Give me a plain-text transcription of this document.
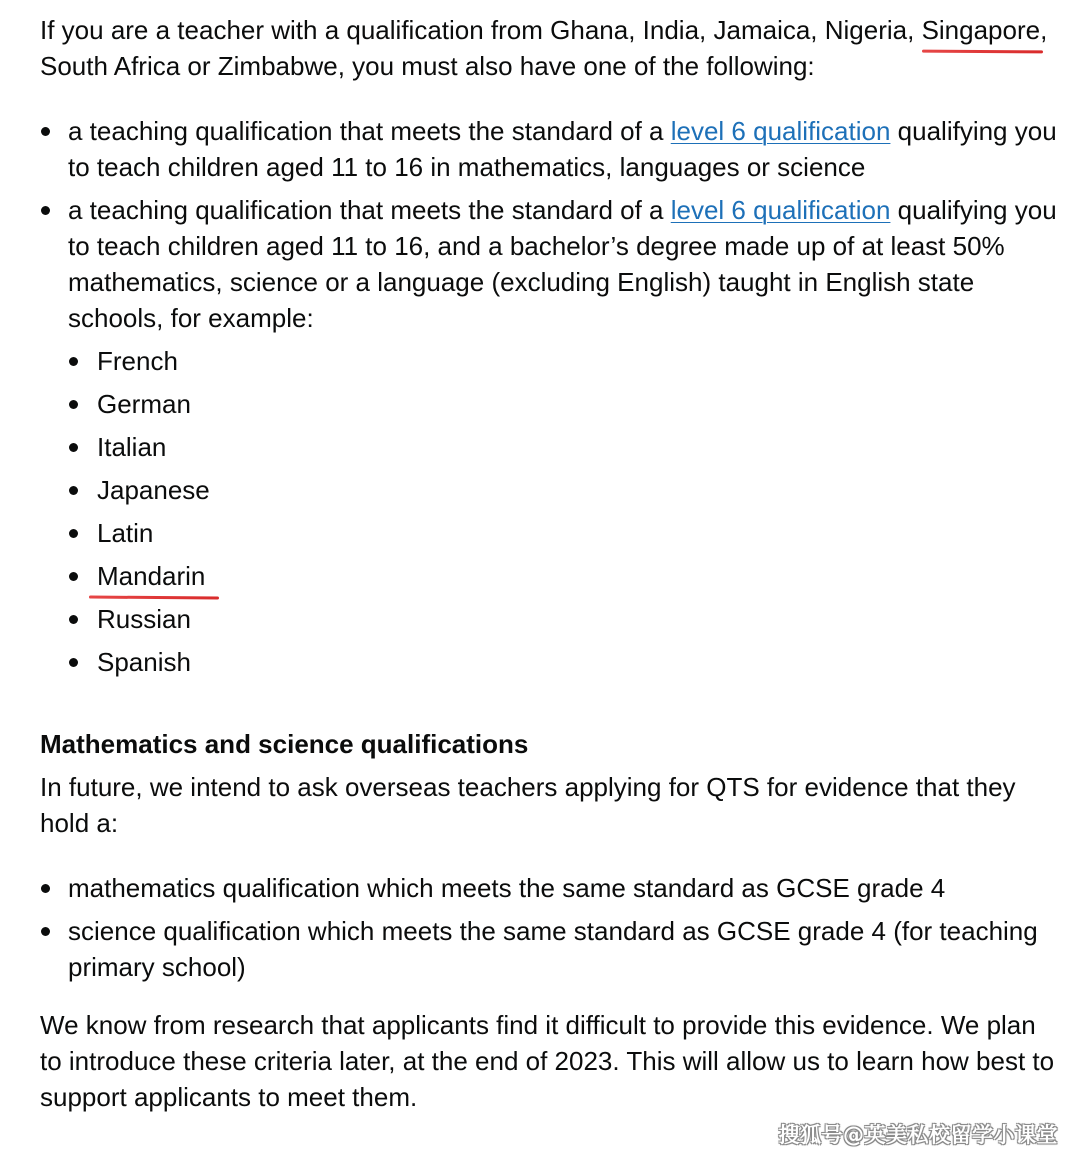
If you are a teacher with a qualification from Ghana, India, Jamaica, Nigeria, Singapore, South Africa or Zimbabwe, you must also have one of the following:

a teaching qualification that meets the standard of a level 6 qualification qualifying you to teach children aged 11 to 16 in mathematics, languages or science
a teaching qualification that meets the standard of a level 6 qualification qualifying you to teach children aged 11 to 16, and a bachelor’s degree made up of at least 50% mathematics, science or a language (excluding English) taught in English state schools, for example:
French
German
Italian
Japanese
Latin
Mandarin
Russian
Spanish
Mathematics and science qualifications

In future, we intend to ask overseas teachers applying for QTS for evidence that they hold a:

mathematics qualification which meets the same standard as GCSE grade 4
science qualification which meets the same standard as GCSE grade 4 (for teaching primary school)

We know from research that applicants find it difficult to provide this evidence. We plan to introduce these criteria later, at the end of 2023. This will allow us to learn how best to support applicants to meet them.

搜狐号@英美私校留学小课堂
